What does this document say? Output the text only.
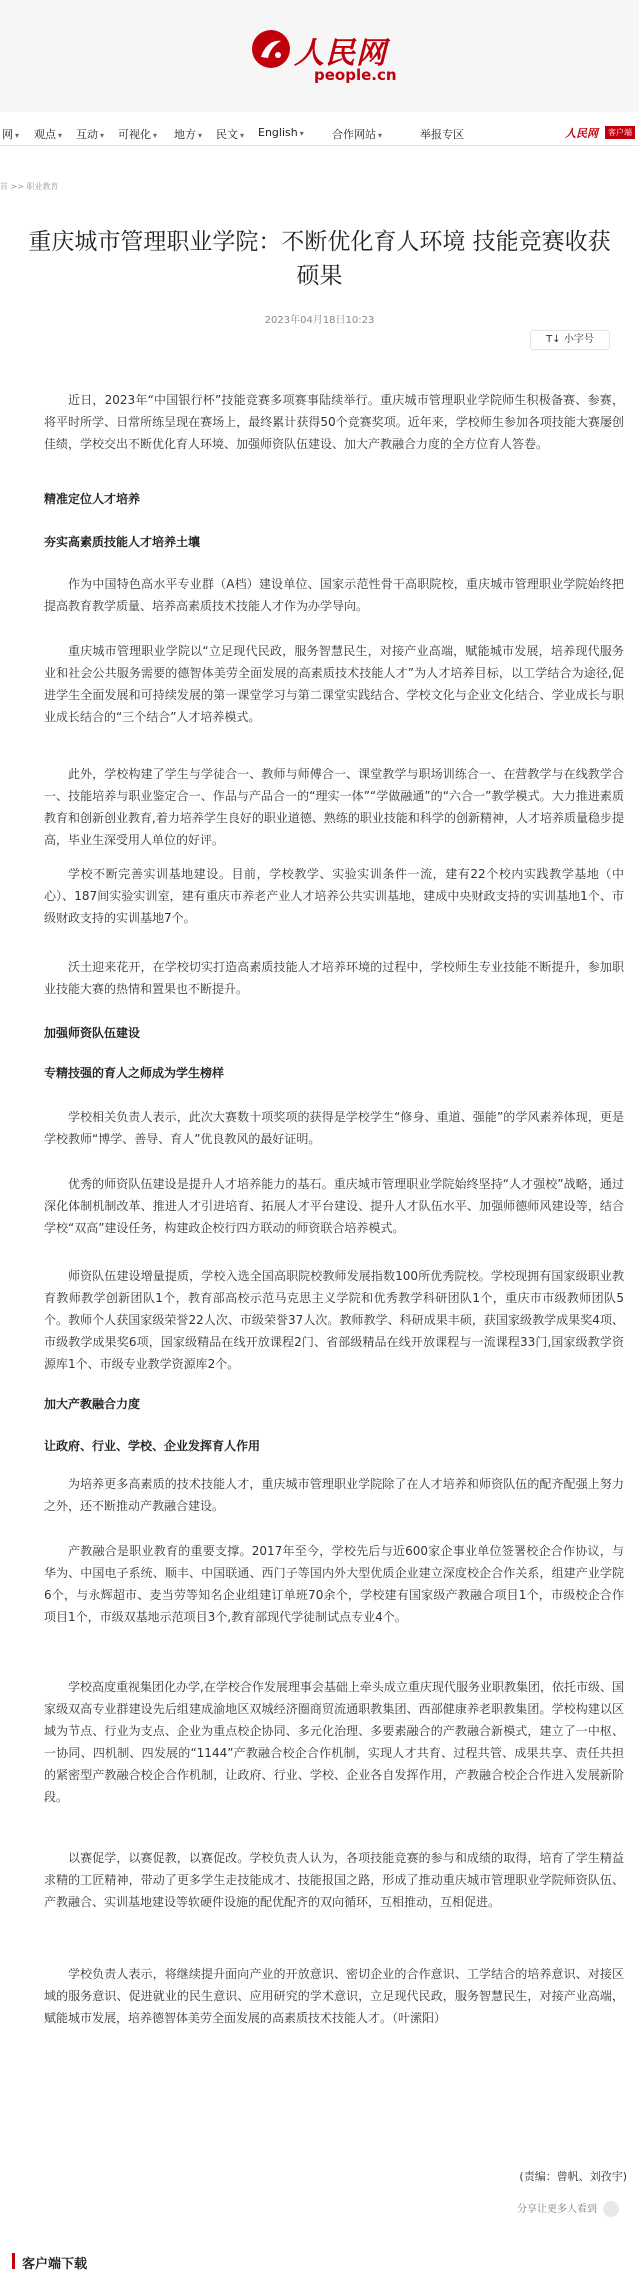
人民网
people.cn
网 ▾ 观点 ▾ 互动 ▾ 可视化 ▾ 地方 ▾ 民文 ▾ English ▾	合作网站 ▾	举报专区	人民网	客户端
首 >> 职业教育
重庆城市管理职业学院：不断优化育人环境 技能竞赛收获硕果
2023年04月18日10:23
T↓ 小字号

近日，2023年“中国银行杯”技能竞赛多项赛事陆续举行。重庆城市管理职业学院师生积极备赛、参赛，将平时所学、日常所练呈现在赛场上，最终累计获得50个竞赛奖项。近年来，学校师生参加各项技能大赛屡创佳绩，学校交出不断优化育人环境、加强师资队伍建设、加大产教融合力度的全方位育人答卷。

精准定位人才培养
夯实高素质技能人才培养土壤

作为中国特色高水平专业群（A档）建设单位、国家示范性骨干高职院校，重庆城市管理职业学院始终把提高教育教学质量、培养高素质技术技能人才作为办学导向。

重庆城市管理职业学院以“立足现代民政，服务智慧民生，对接产业高端，赋能城市发展，培养现代服务业和社会公共服务需要的德智体美劳全面发展的高素质技术技能人才”为人才培养目标，以工学结合为途径,促进学生全面发展和可持续发展的第一课堂学习与第二课堂实践结合、学校文化与企业文化结合、学业成长与职业成长结合的“三个结合”人才培养模式。

此外，学校构建了学生与学徒合一、教师与师傅合一、课堂教学与职场训练合一、在营教学与在线教学合一、技能培养与职业鉴定合一、作品与产品合一的“理实一体”“学做融通”的“六合一”教学模式。大力推进素质教育和创新创业教育,着力培养学生良好的职业道德、熟练的职业技能和科学的创新精神，人才培养质量稳步提高，毕业生深受用人单位的好评。

学校不断完善实训基地建设。目前，学校教学、实验实训条件一流，建有22个校内实践教学基地（中心）、187间实验实训室，建有重庆市养老产业人才培养公共实训基地，建成中央财政支持的实训基地1个、市级财政支持的实训基地7个。

沃土迎来花开，在学校切实打造高素质技能人才培养环境的过程中，学校师生专业技能不断提升，参加职业技能大赛的热情和置果也不断提升。

加强师资队伍建设
专精技强的育人之师成为学生榜样

学校相关负责人表示，此次大赛数十项奖项的获得是学校学生“修身、重道、强能”的学风素养体现，更是学校教师“博学、善导、育人”优良教风的最好证明。

优秀的师资队伍建设是提升人才培养能力的基石。重庆城市管理职业学院始终坚持“人才强校”战略，通过深化体制机制改革、推进人才引进培育、拓展人才平台建设、提升人才队伍水平、加强师德师风建设等，结合学校“双高”建设任务，构建政企校行四方联动的师资联合培养模式。

师资队伍建设增量提质，学校入选全国高职院校教师发展指数100所优秀院校。学校现拥有国家级职业教育教师教学创新团队1个，教育部高校示范马克思主义学院和优秀教学科研团队1个，重庆市市级教师团队5个。教师个人获国家级荣誉22人次、市级荣誉37人次。教师教学、科研成果丰硕，获国家级教学成果奖4项、市级教学成果奖6项，国家级精品在线开放课程2门、省部级精品在线开放课程与一流课程33门,国家级教学资源库1个、市级专业教学资源库2个。

加大产教融合力度
让政府、行业、学校、企业发挥育人作用

为培养更多高素质的技术技能人才，重庆城市管理职业学院除了在人才培养和师资队伍的配齐配强上努力之外，还不断推动产教融合建设。

产教融合是职业教育的重要支撑。2017年至今，学校先后与近600家企事业单位签署校企合作协议，与华为、中国电子系统、顺丰、中国联通、西门子等国内外大型优质企业建立深度校企合作关系，组建产业学院6个，与永辉超市、麦当劳等知名企业组建订单班70余个，学校建有国家级产教融合项目1个，市级校企合作项目1个，市级双基地示范项目3个,教育部现代学徒制试点专业4个。

学校高度重视集团化办学,在学校合作发展理事会基础上牵头成立重庆现代服务业职教集团，依托市级、国家级双高专业群建设先后组建成渝地区双城经济圈商贸流通职教集团、西部健康养老职教集团。学校构建以区域为节点、行业为支点、企业为重点校企协同、多元化治理、多要素融合的产教融合新模式，建立了一中枢、一协同、四机制、四发展的“1144”产教融合校企合作机制，实现人才共育、过程共管、成果共享、责任共担的紧密型产教融合校企合作机制，让政府、行业、学校、企业各自发挥作用，产教融合校企合作进入发展新阶段。

以赛促学，以赛促教，以赛促改。学校负责人认为，各项技能竞赛的参与和成绩的取得，培育了学生精益求精的工匠精神，带动了更多学生走技能成才、技能报国之路，形成了推动重庆城市管理职业学院师资队伍、产教融合、实训基地建设等软硬件设施的配优配齐的双向循环，互相推动，互相促进。

学校负责人表示，将继续提升面向产业的开放意识、密切企业的合作意识、工学结合的培养意识、对接区域的服务意识、促进就业的民生意识、应用研究的学术意识，立足现代民政，服务智慧民生，对接产业高端，赋能城市发展，培养德智体美劳全面发展的高素质技术技能人才。（叶潆阳）

(责编：曾帆、刘孜宇)
分享让更多人看到
客户端下载
